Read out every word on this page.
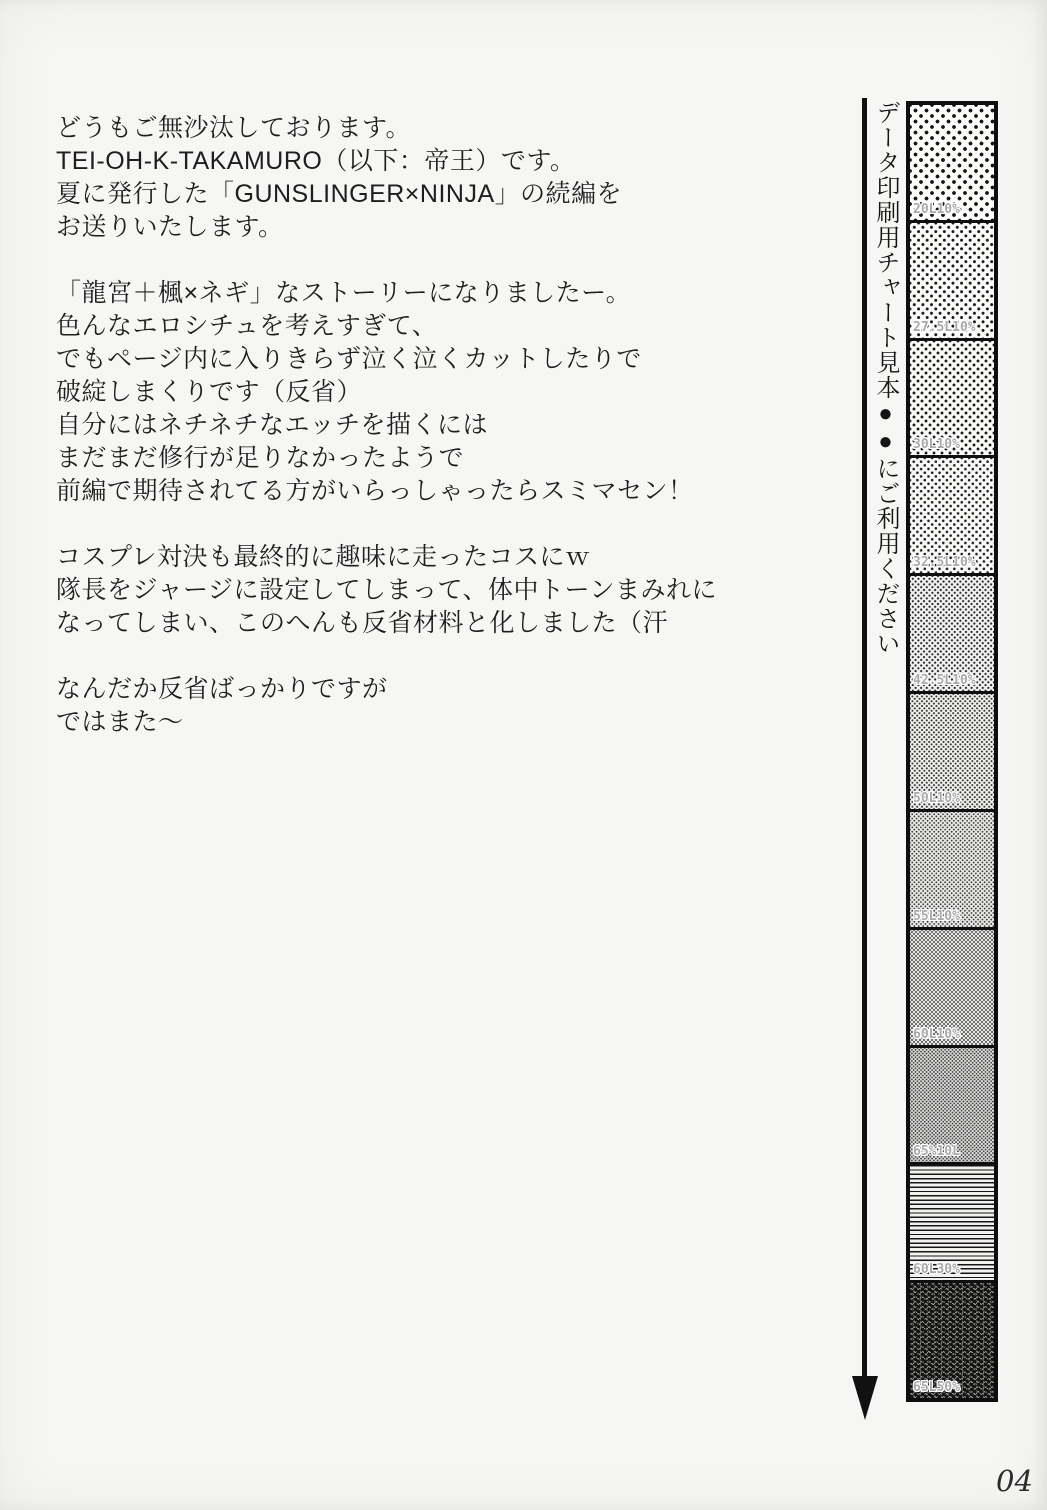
どうもご無沙汰しております。
TEI-OH-K-TAKAMURO（以下：帝王）です。
夏に発行した「GUNSLINGER×NINJA」の続編を
お送りいたします。
「龍宮＋楓×ネギ」なストーリーになりましたー。
色んなエロシチュを考えすぎて、
でもページ内に入りきらず泣く泣くカットしたりで
破綻しまくりです（反省）
自分にはネチネチなエッチを描くには
まだまだ修行が足りなかったようで
前編で期待されてる方がいらっしゃったらスミマセン！
コスプレ対決も最終的に趣味に走ったコスにｗ
隊長をジャージに設定してしまって、体中トーンまみれに
なってしまい、このへんも反省材料と化しました（汗
なんだか反省ばっかりですが
ではまた～
データ印刷用チャート見本●●にご利用ください 20L10%
27.5L10%
30L10%
32.5L10%
42.5L10%
50L10%
55L10%
60L10%
65%10L
60L30%
65L50%
04
